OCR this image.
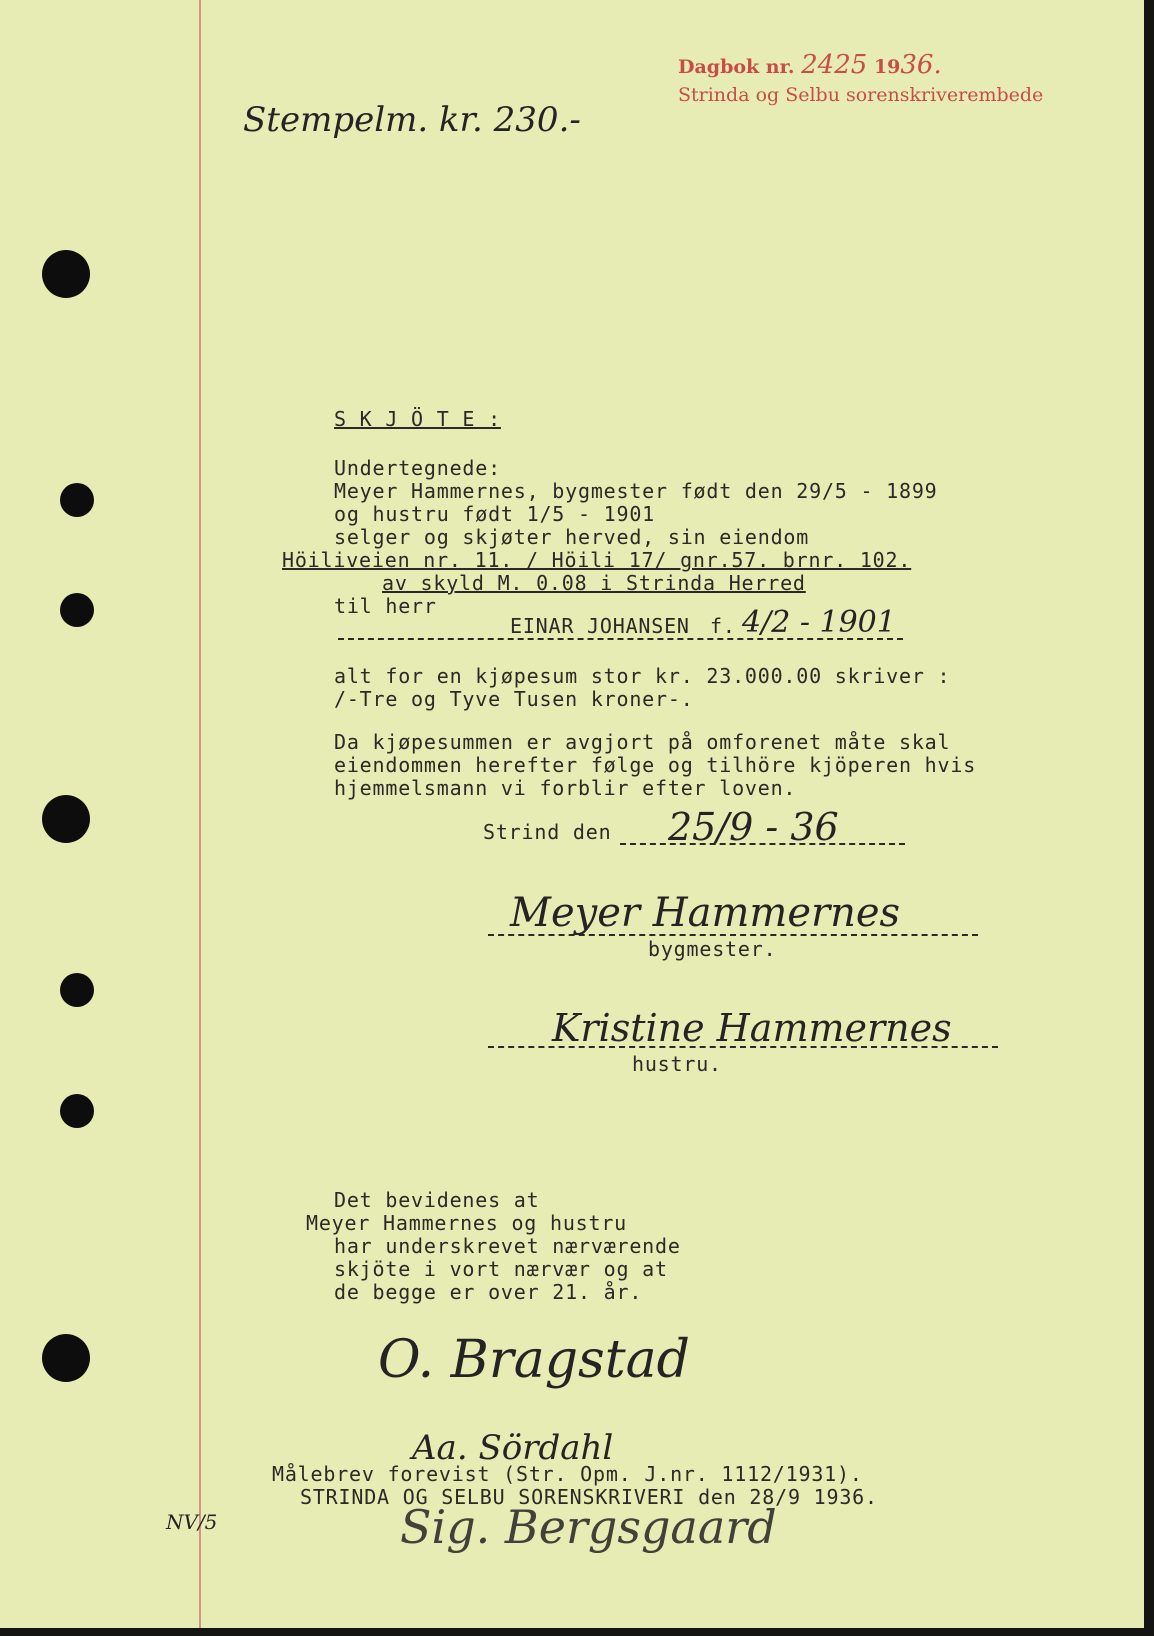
Dagbok nr. 2425 1936.
Strinda og Selbu sorenskriverembede
Stempelm. kr. 230.-
S K J Ö T E :
Undertegnede:
Meyer Hammernes, bygmester født den 29/5 - 1899
og hustru født 1/5 - 1901
selger og skjøter herved, sin eiendom
Höiliveien nr. 11. / Höili 17/ gnr.57. brnr. 102.
av skyld M. 0.08 i Strinda Herred
til herr
EINAR JOHANSEN f. 4/2 - 1901
alt for en kjøpesum stor kr. 23.000.00 skriver :
/-Tre og Tyve Tusen kroner-.
Da kjøpesummen er avgjort på omforenet måte skal
eiendommen herefter følge og tilhöre kjöperen hvis
hjemmelsmann vi forblir efter loven.
Strind den 25/9 - 36
Meyer Hammernes
bygmester.
Kristine Hammernes
hustru.
Det bevidenes at
Meyer Hammernes og hustru
har underskrevet nærværende
skjöte i vort nærvær og at
de begge er over 21. år.
O. Bragstad
Aa. Sördahl
Målebrev forevist (Str. Opm. J.nr. 1112/1931).
STRINDA OG SELBU SORENSKRIVERI den 28/9 1936.
Sig. Bergsgaard
NV/5
